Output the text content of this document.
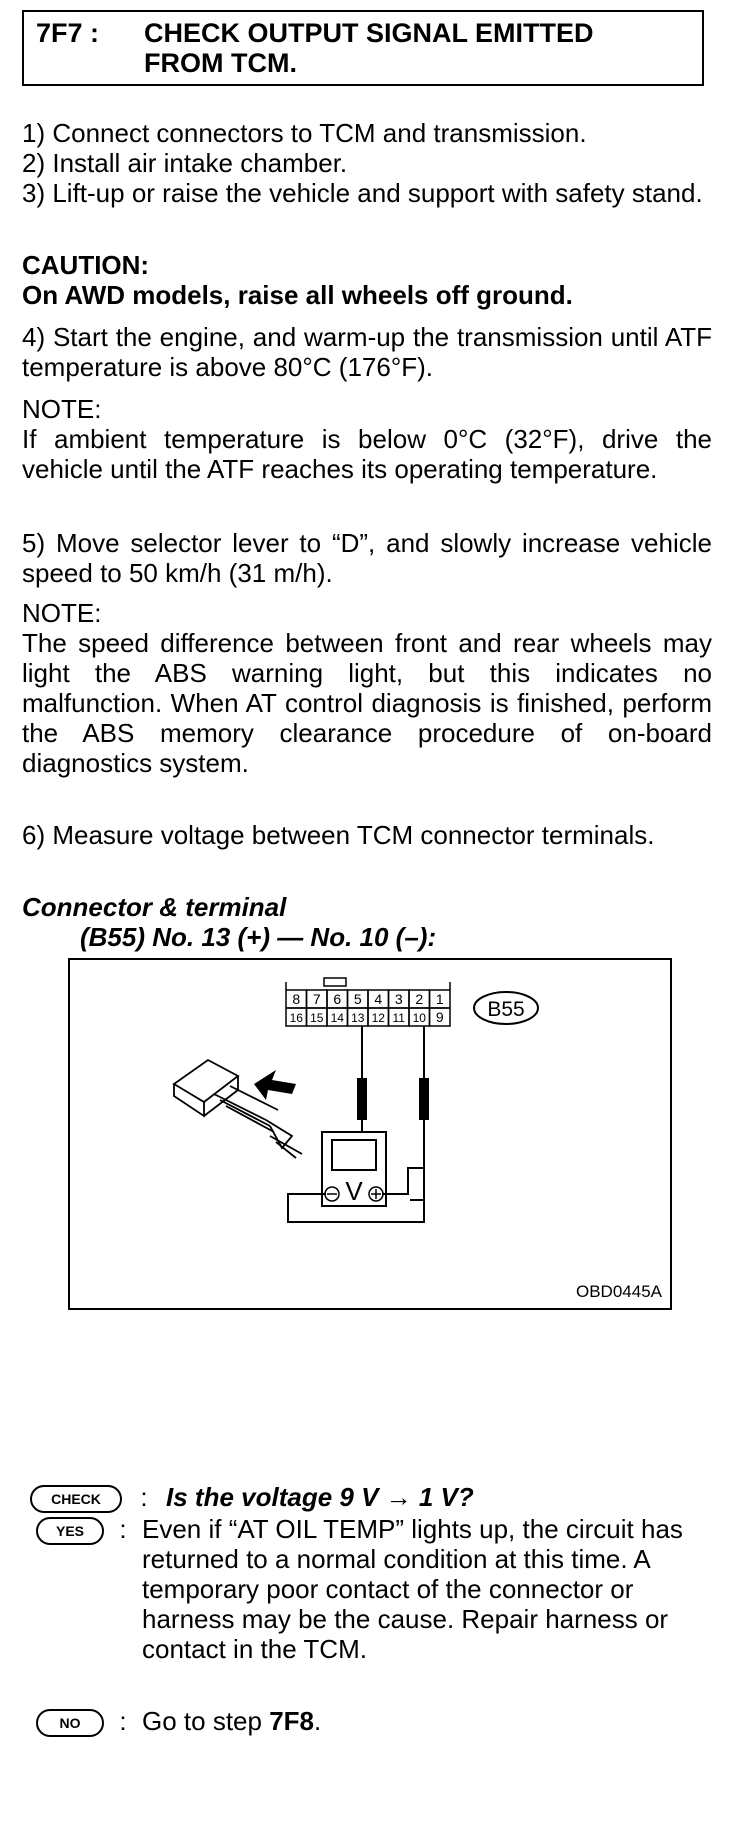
7F7 :	CHECK OUTPUT SIGNAL EMITTED
FROM TCM.
1) Connect connectors to TCM and transmission.
2) Install air intake chamber.
3) Lift-up or raise the vehicle and support with safety stand.
CAUTION:
On AWD models, raise all wheels off ground.
4) Start the engine, and warm-up the transmission until ATF temperature is above 80°C (176°F).
NOTE:
If ambient temperature is below 0°C (32°F), drive the vehicle until the ATF reaches its operating temperature.
5) Move selector lever to “D”, and slowly increase vehicle speed to 50 km/h (31 m/h).
NOTE:
The speed difference between front and rear wheels may light the ABS warning light, but this indicates no malfunction. When AT control diagnosis is finished, perform the ABS memory clearance procedure of on-board diagnostics system.
6) Measure voltage between TCM connector terminals.
Connector & terminal
(B55) No. 13 (+) — No. 10 (–):
8 7 6 5 4 3 2 1
16 15 14 13 12 11 10 9 B55
V
OBD0445A
CHECK	: Is the voltage 9 V → 1 V?
YES	: Even if “AT OIL TEMP” lights up, the circuit has returned to a normal condition at this time. A temporary poor contact of the connector or harness may be the cause. Repair harness or contact in the TCM.
NO	: Go to step 7F8.
